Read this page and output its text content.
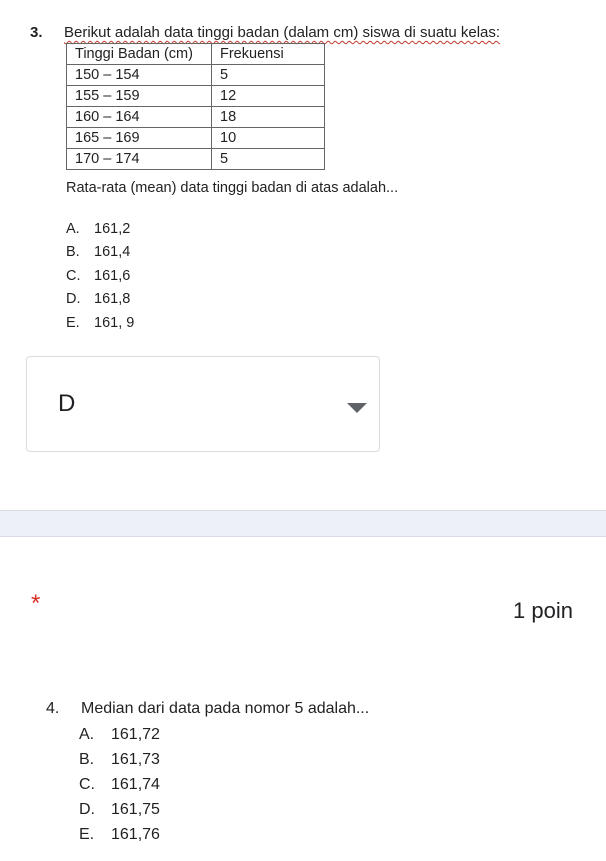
3. Berikut adalah data tinggi badan (dalam cm) siswa di suatu kelas:
Tinggi Badan (cm)	Frekuensi
150 – 154	5
155 – 159	12
160 – 164	18
165 – 169	10
170 – 174	5
Rata-rata (mean) data tinggi badan di atas adalah...
A. 161,2
B. 161,4
C. 161,6
D. 161,8
E. 161, 9
D
*	1 poin
4. Median dari data pada nomor 5 adalah...
A.	161,72
B.	161,73
C.	161,74
D.	161,75
E.	161,76
